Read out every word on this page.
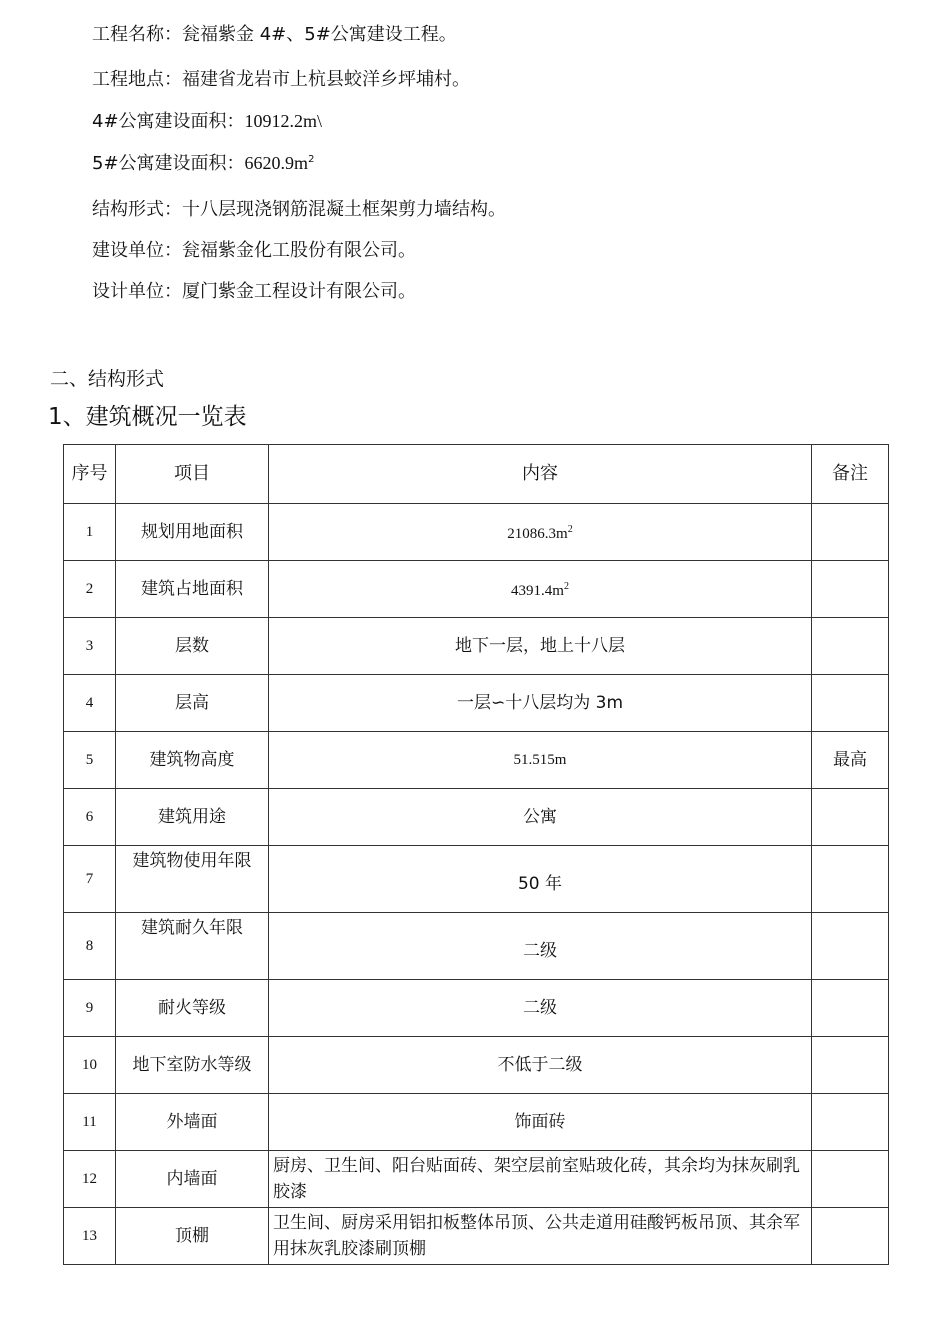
工程名称：瓮福紫金 4#、5#公寓建设工程。
工程地点：福建省龙岩市上杭县蛟洋乡坪埔村。
4#公寓建设面积：10912.2m\
5#公寓建设面积：$6620.9m^2$
结构形式：十八层现浇钢筋混凝土框架剪力墙结构。
建设单位：瓮福紫金化工股份有限公司。
设计单位：厦门紫金工程设计有限公司。
二、结构形式
1、建筑概况一览表
序号	项目	内容	备注
1	规划用地面积	$21086.3m^2$	
2	建筑占地面积	$4391.4m^2$	
3	层数	地下一层，地上十八层	
4	层高	一层∽十八层均为 3m	
5	建筑物高度	51.515m	最高
6	建筑用途	公寓	
7	建筑物使用年限	50 年	
8	建筑耐久年限	二级	
9	耐火等级	二级	
10	地下室防水等级	不低于二级	
11	外墙面	饰面砖	
12	内墙面	厨房、卫生间、阳台贴面砖、架空层前室贴玻化砖，其余均为抹灰刷乳胶漆	
13	顶棚	卫生间、厨房采用铝扣板整体吊顶、公共走道用硅酸钙板吊顶、其余军用抹灰乳胶漆刷顶棚	
